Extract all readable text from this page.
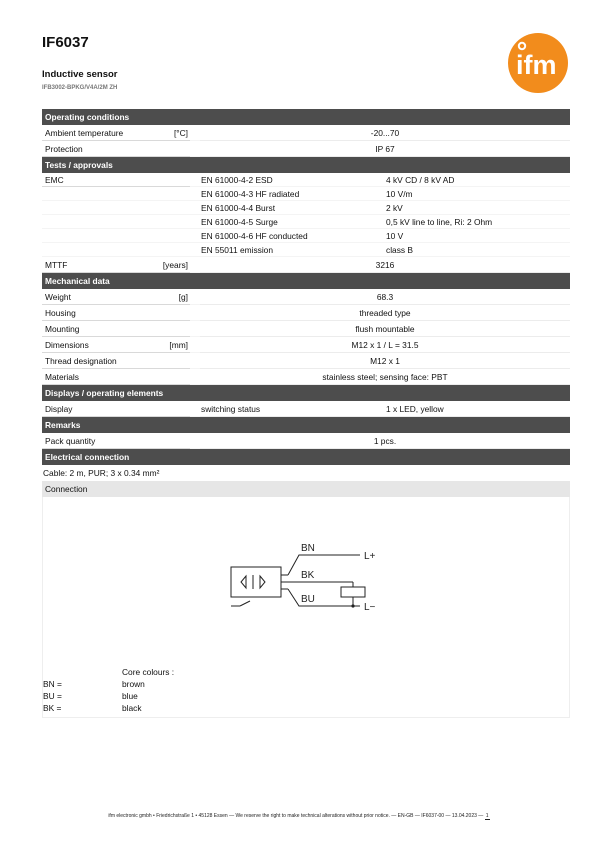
IF6037
Inductive sensor
IFB3002-BPKG/V4A/2M ZH
ifm
Operating conditions
Ambient temperature	[°C]	-20...70
Protection	IP 67
Tests / approvals
EMC	EN 61000-4-2 ESD	4 kV CD / 8 kV AD
EN 61000-4-3 HF radiated	10 V/m
EN 61000-4-4 Burst	2 kV
EN 61000-4-5 Surge	0,5 kV line to line, Ri: 2 Ohm
EN 61000-4-6 HF conducted	10 V
EN 55011 emission	class B
MTTF	[years]	3216
Mechanical data
Weight	[g]	68.3
Housing	threaded type
Mounting	flush mountable
Dimensions	[mm]	M12 x 1 / L = 31.5
Thread designation	M12 x 1
Materials	stainless steel; sensing face: PBT
Displays / operating elements
Display	switching status	1 x LED, yellow
Remarks
Pack quantity	1 pcs.
Electrical connection
Cable: 2 m, PUR; 3 x 0.34 mm²
Connection
BN
BK
BU
L+
L−
Core colours :
BN =	brown
BU =	blue
BK =	black
ifm electronic gmbh • Friedrichstraße 1 • 45128 Essen — We reserve the right to make technical alterations without prior notice. — EN-GB — IF6037-00 — 13.04.2023 — 1
